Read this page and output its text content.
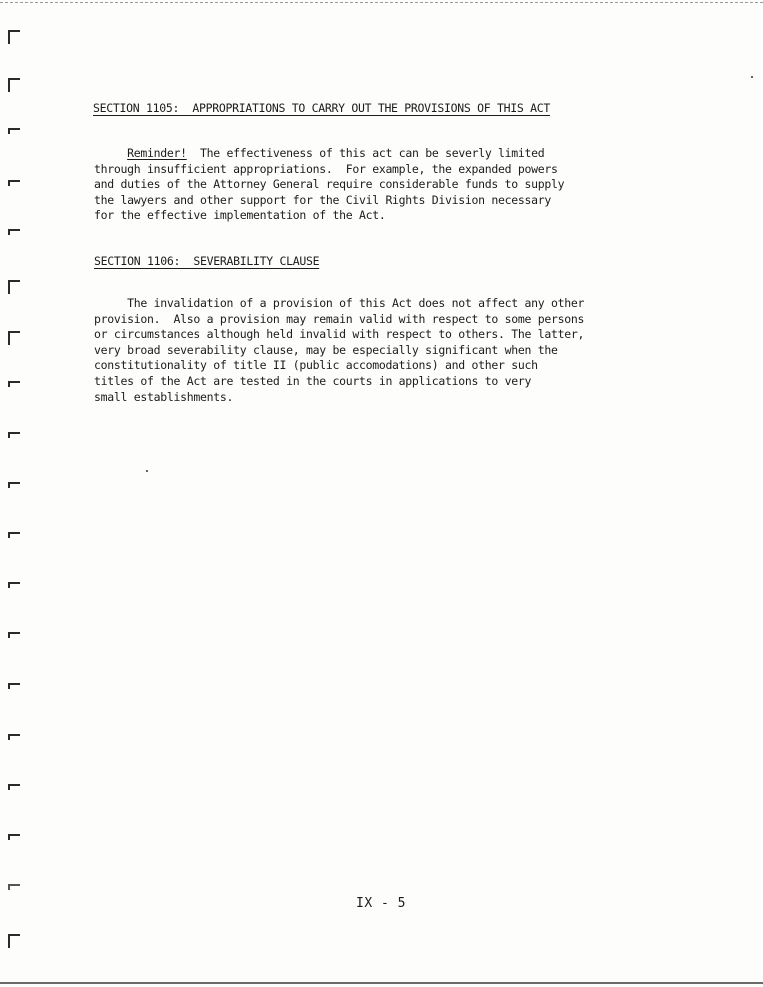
SECTION 1105:  APPROPRIATIONS TO CARRY OUT THE PROVISIONS OF THIS ACT
Reminder! The effectiveness of this act can be severly limited
through insufficient appropriations.  For example, the expanded powers
and duties of the Attorney General require considerable funds to supply
the lawyers and other support for the Civil Rights Division necessary
for the effective implementation of the Act.
SECTION 1106:  SEVERABILITY CLAUSE
The invalidation of a provision of this Act does not affect any other
provision.  Also a provision may remain valid with respect to some persons
or circumstances although held invalid with respect to others. The latter,
very broad severability clause, may be especially significant when the
constitutionality of title II (public accomodations) and other such
titles of the Act are tested in the courts in applications to very
small establishments.
IX - 5
